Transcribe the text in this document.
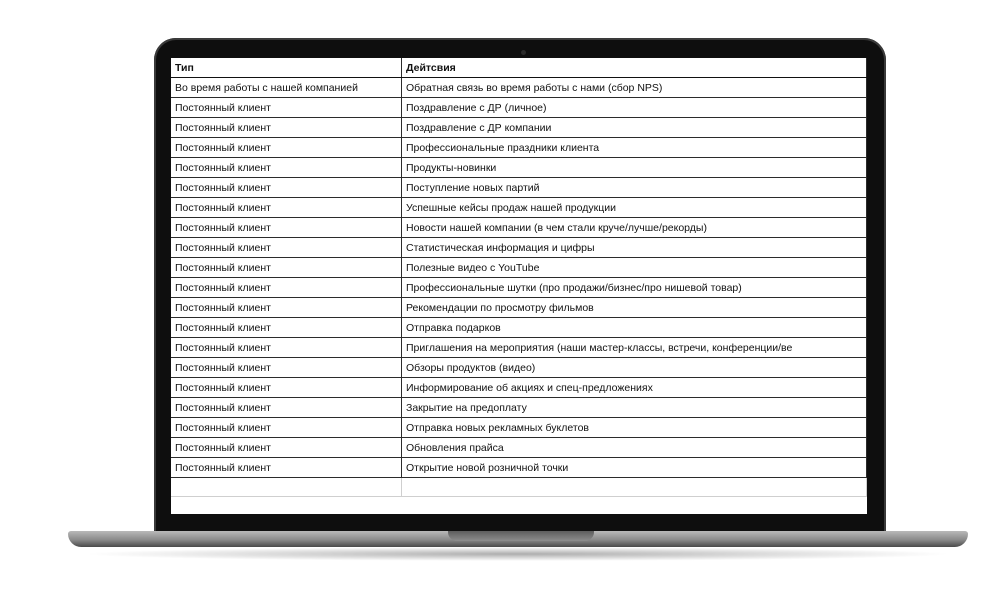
Тип	Дейтсвия
Во время работы с нашей компанией	Обратная связь во время работы с нами (сбор NPS)
Постоянный клиент	Поздравление с ДР (личное)
Постоянный клиент	Поздравление с ДР компании
Постоянный клиент	Профессиональные праздники клиента
Постоянный клиент	Продукты-новинки
Постоянный клиент	Поступление новых партий
Постоянный клиент	Успешные кейсы продаж нашей продукции
Постоянный клиент	Новости нашей компании (в чем стали круче/лучше/рекорды)
Постоянный клиент	Статистическая информация и цифры
Постоянный клиент	Полезные видео с YouTube
Постоянный клиент	Профессиональные шутки (про продажи/бизнес/про нишевой товар)
Постоянный клиент	Рекомендации по просмотру фильмов
Постоянный клиент	Отправка подарков
Постоянный клиент	Приглашения на мероприятия (наши мастер-классы, встречи, конференции/ве
Постоянный клиент	Обзоры продуктов (видео)
Постоянный клиент	Информирование об акциях и спец-предложениях
Постоянный клиент	Закрытие на предоплату
Постоянный клиент	Отправка новых рекламных буклетов
Постоянный клиент	Обновления прайса
Постоянный клиент	Открытие новой розничной точки
